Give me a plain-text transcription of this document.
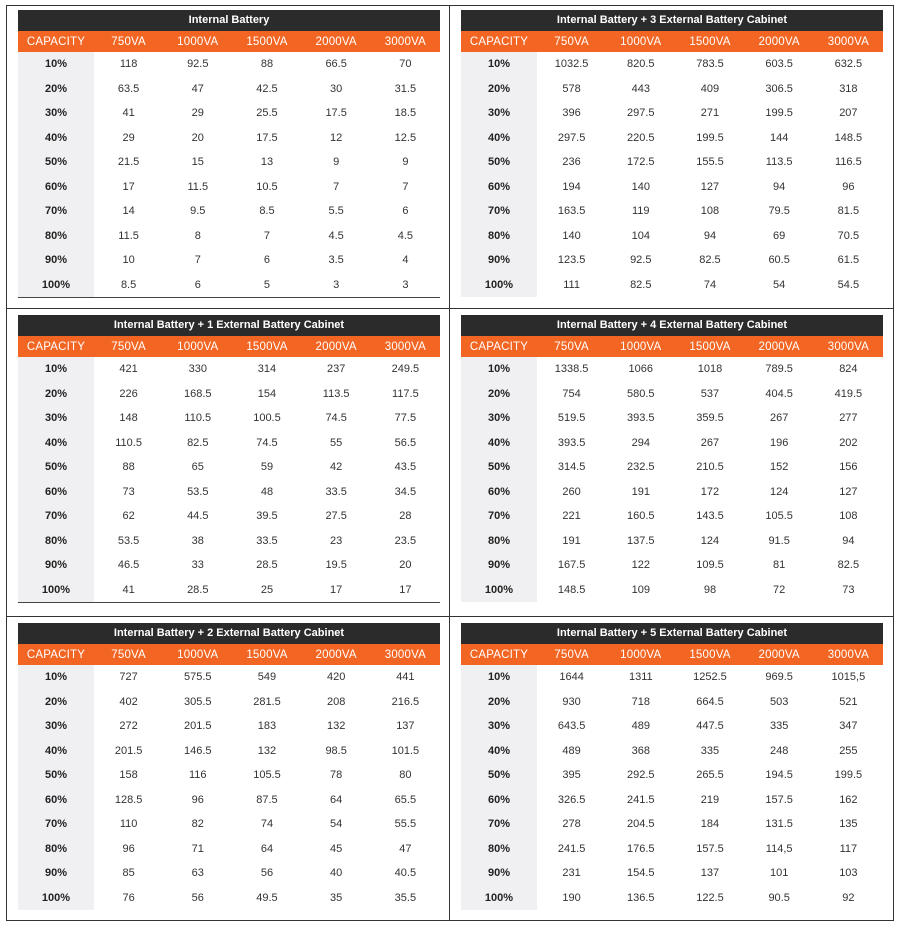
Internal Battery
CAPACITY	750VA	1000VA	1500VA	2000VA	3000VA
10%	118	92.5	88	66.5	70
20%	63.5	47	42.5	30	31.5
30%	41	29	25.5	17.5	18.5
40%	29	20	17.5	12	12.5
50%	21.5	15	13	9	9
60%	17	11.5	10.5	7	7
70%	14	9.5	8.5	5.5	6
80%	11.5	8	7	4.5	4.5
90%	10	7	6	3.5	4
100%	8.5	6	5	3	3
Internal Battery + 3 External Battery Cabinet
CAPACITY	750VA	1000VA	1500VA	2000VA	3000VA
10%	1032.5	820.5	783.5	603.5	632.5
20%	578	443	409	306.5	318
30%	396	297.5	271	199.5	207
40%	297.5	220.5	199.5	144	148.5
50%	236	172.5	155.5	113.5	116.5
60%	194	140	127	94	96
70%	163.5	119	108	79.5	81.5
80%	140	104	94	69	70.5
90%	123.5	92.5	82.5	60.5	61.5
100%	111	82.5	74	54	54.5
Internal Battery + 1 External Battery Cabinet
CAPACITY	750VA	1000VA	1500VA	2000VA	3000VA
10%	421	330	314	237	249.5
20%	226	168.5	154	113.5	117.5
30%	148	110.5	100.5	74.5	77.5
40%	110.5	82.5	74.5	55	56.5
50%	88	65	59	42	43.5
60%	73	53.5	48	33.5	34.5
70%	62	44.5	39.5	27.5	28
80%	53.5	38	33.5	23	23.5
90%	46.5	33	28.5	19.5	20
100%	41	28.5	25	17	17
Internal Battery + 4 External Battery Cabinet
CAPACITY	750VA	1000VA	1500VA	2000VA	3000VA
10%	1338.5	1066	1018	789.5	824
20%	754	580.5	537	404.5	419.5
30%	519.5	393.5	359.5	267	277
40%	393.5	294	267	196	202
50%	314.5	232.5	210.5	152	156
60%	260	191	172	124	127
70%	221	160.5	143.5	105.5	108
80%	191	137.5	124	91.5	94
90%	167.5	122	109.5	81	82.5
100%	148.5	109	98	72	73
Internal Battery + 2 External Battery Cabinet
CAPACITY	750VA	1000VA	1500VA	2000VA	3000VA
10%	727	575.5	549	420	441
20%	402	305.5	281.5	208	216.5
30%	272	201.5	183	132	137
40%	201.5	146.5	132	98.5	101.5
50%	158	116	105.5	78	80
60%	128.5	96	87.5	64	65.5
70%	110	82	74	54	55.5
80%	96	71	64	45	47
90%	85	63	56	40	40.5
100%	76	56	49.5	35	35.5
Internal Battery + 5 External Battery Cabinet
CAPACITY	750VA	1000VA	1500VA	2000VA	3000VA
10%	1644	1311	1252.5	969.5	1015,5
20%	930	718	664.5	503	521
30%	643.5	489	447.5	335	347
40%	489	368	335	248	255
50%	395	292.5	265.5	194.5	199.5
60%	326.5	241.5	219	157.5	162
70%	278	204.5	184	131.5	135
80%	241.5	176.5	157.5	114,5	117
90%	231	154.5	137	101	103
100%	190	136.5	122.5	90.5	92
